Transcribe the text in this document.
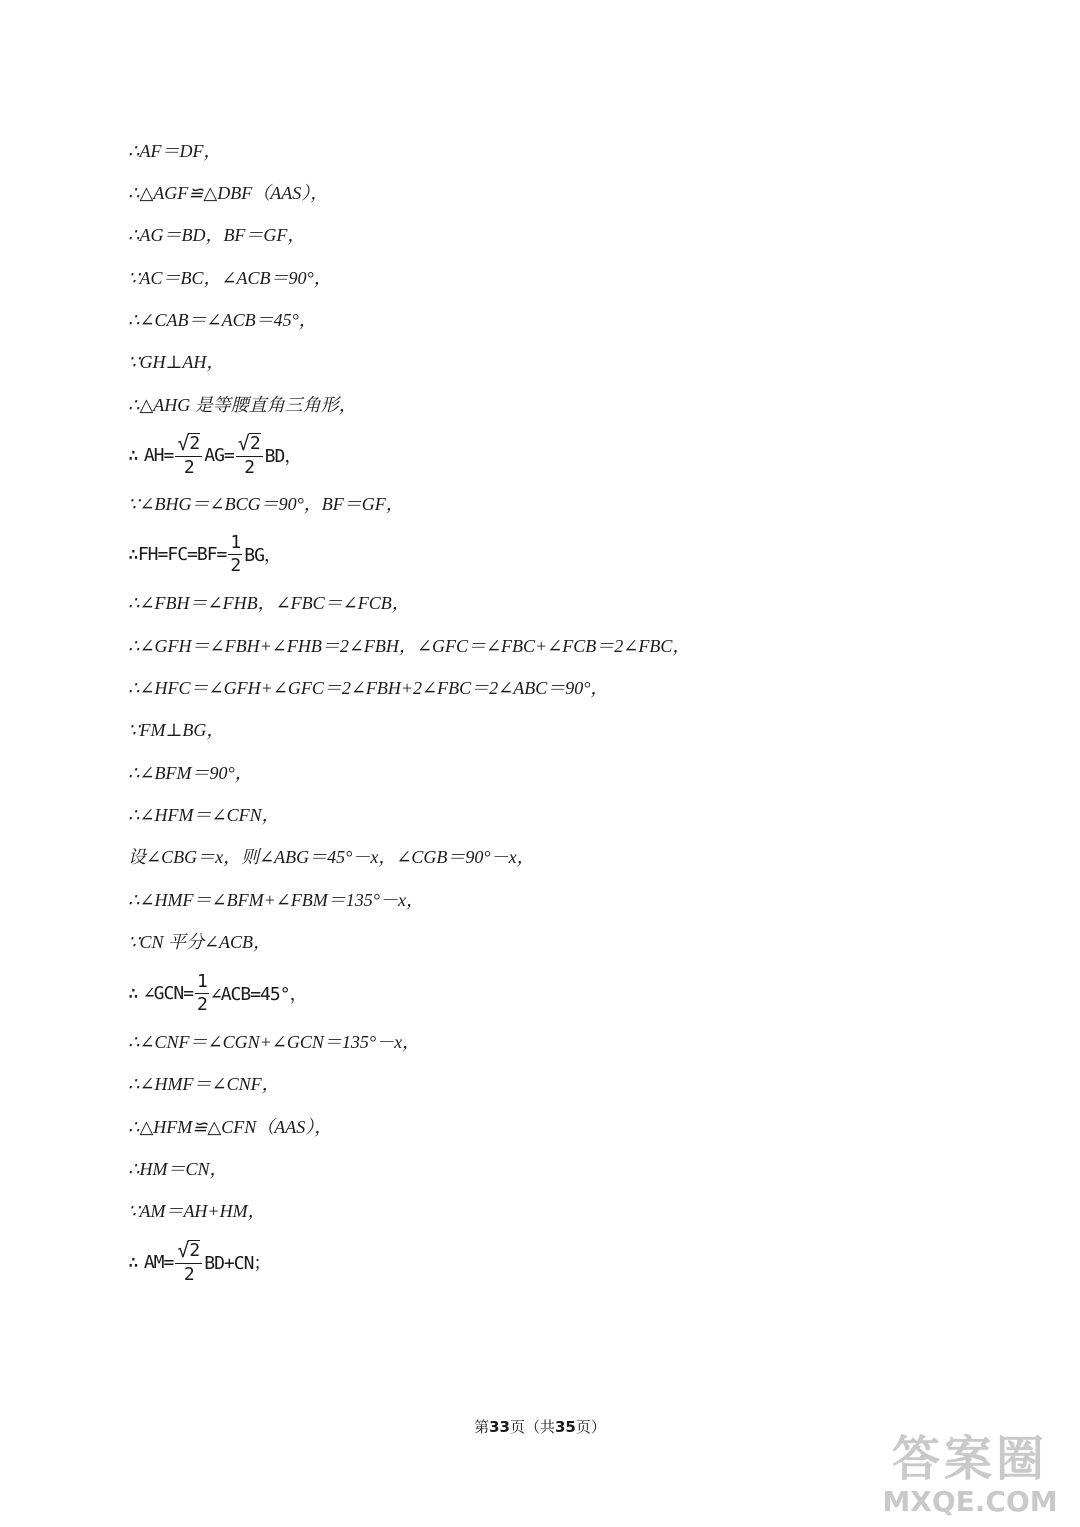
∴AF＝DF，
∴△AGF≌△DBF（AAS），
∴AG＝BD，BF＝GF，
∵AC＝BC，∠ACB＝90°，
∴∠CAB＝∠ACB＝45°，
∵GH⊥AH，
∴△AHG 是等腰直角三角形，
∴ $AH= \frac{√ 2}{2} AG= \frac{√ 2}{2}$ BD，
∵∠BHG＝∠BCG＝90°，BF＝GF，
∴ $FH=FC=BF= \frac{1}{2}$ BG，
∴∠FBH＝∠FHB，∠FBC＝∠FCB，
∴∠GFH＝∠FBH+∠FHB＝2∠FBH，∠GFC＝∠FBC+∠FCB＝2∠FBC，
∴∠HFC＝∠GFH+∠GFC＝2∠FBH+2∠FBC＝2∠ABC＝90°，
∵FM⊥BG，
∴∠BFM＝90°，
∴∠HFM＝∠CFN，
设∠CBG＝x，则∠ABG＝45°－x，∠CGB＝90°－x，
∴∠HMF＝∠BFM+∠FBM＝135°－x，
∵CN 平分∠ACB，
∴ ∠GCN= $\frac{1}{2}$ ∠ACB=45°，
∴∠CNF＝∠CGN+∠GCN＝135°－x，
∴∠HMF＝∠CNF，
∴△HFM≌△CFN（AAS），
∴HM＝CN，
∵AM＝AH+HM，
∴ $AM= \frac{√ 2}{2} BD+CN$；
第33页（共35页）
答案圈
MXQE.COM
